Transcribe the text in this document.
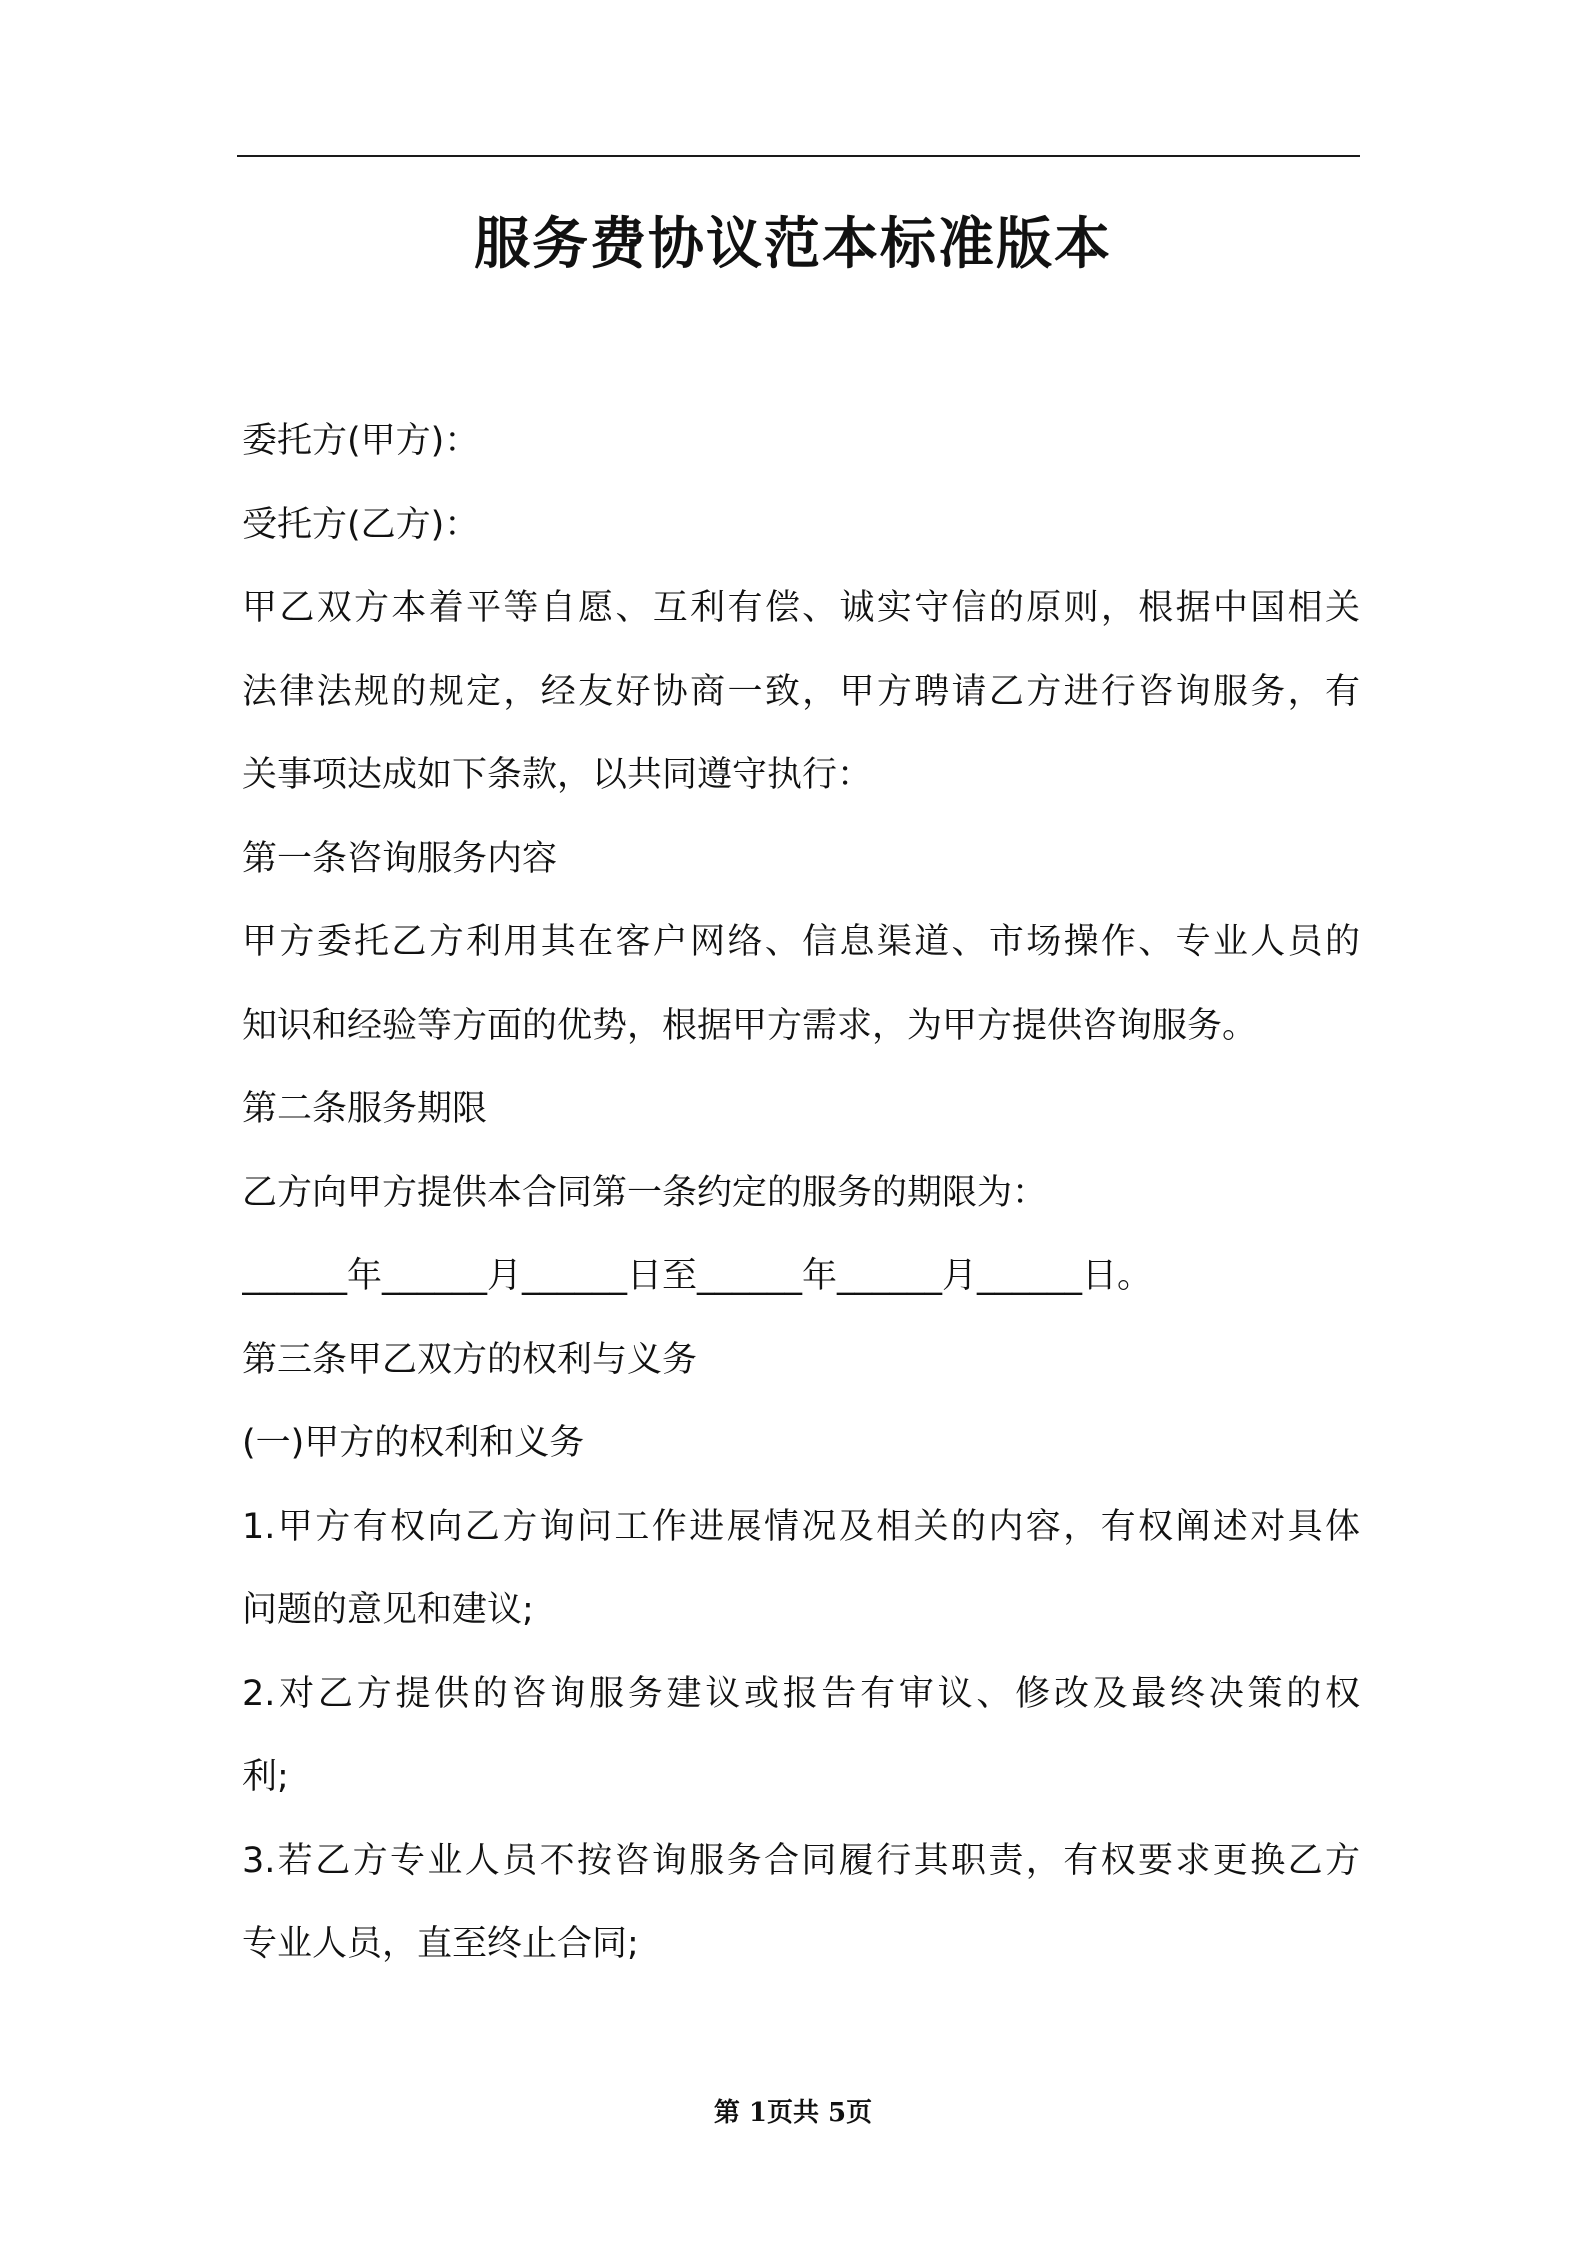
服务费协议范本标准版本
委托方(甲方)：
受托方(乙方)：
甲乙双方本着平等自愿、互利有偿、诚实守信的原则，根据中国相关
法律法规的规定，经友好协商一致，甲方聘请乙方进行咨询服务，有
关事项达成如下条款，以共同遵守执行：
第一条咨询服务内容
甲方委托乙方利用其在客户网络、信息渠道、市场操作、专业人员的
知识和经验等方面的优势，根据甲方需求，为甲方提供咨询服务。
第二条服务期限
乙方向甲方提供本合同第一条约定的服务的期限为：
______年______月______日至______年______月______日。
第三条甲乙双方的权利与义务
(一)甲方的权利和义务
1.甲方有权向乙方询问工作进展情况及相关的内容，有权阐述对具体
问题的意见和建议;
2.对乙方提供的咨询服务建议或报告有审议、修改及最终决策的权
利;
3.若乙方专业人员不按咨询服务合同履行其职责，有权要求更换乙方
专业人员，直至终止合同;
第 1页共 5页
